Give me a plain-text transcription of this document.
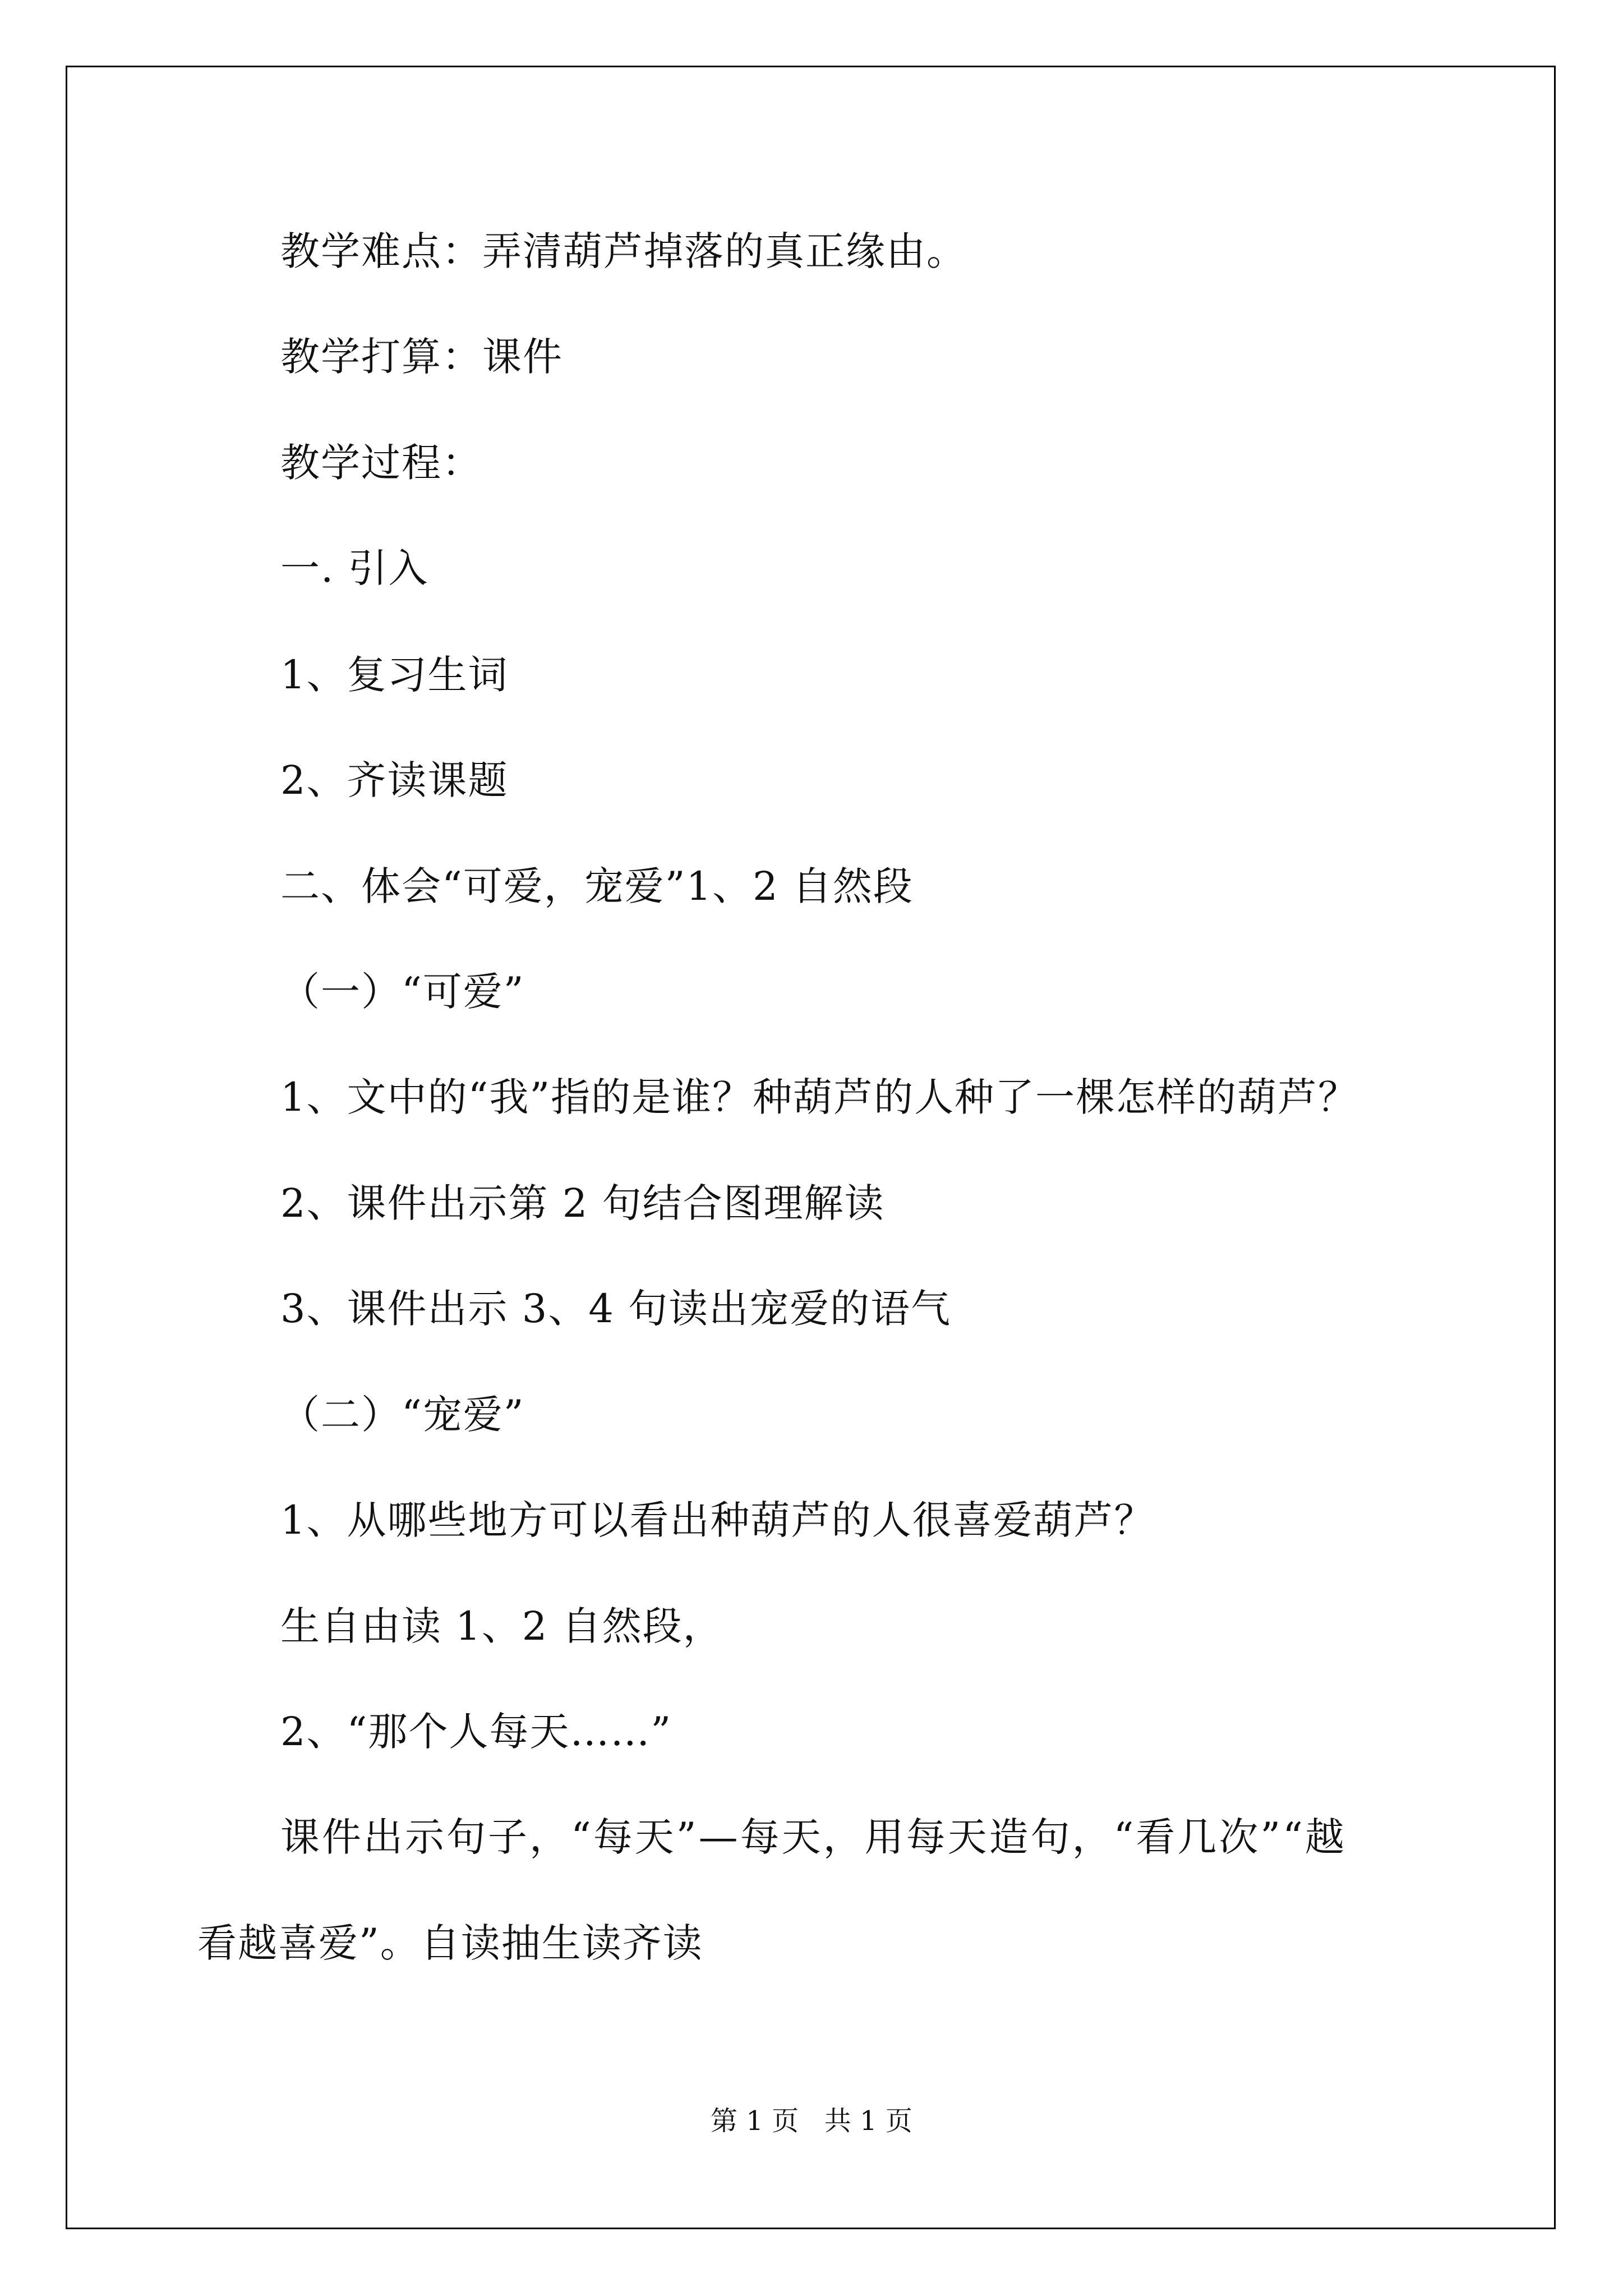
教学难点：弄清葫芦掉落的真正缘由。
教学打算：课件
教学过程：
一. 引入
1、复习生词
2、齐读课题
二、体会“可爱，宠爱”1、2 自然段
（一）“可爱”
1、文中的“我”指的是谁？种葫芦的人种了一棵怎样的葫芦？
2、课件出示第 2 句结合图理解读
3、课件出示 3、4 句读出宠爱的语气
（二）“宠爱”
1、从哪些地方可以看出种葫芦的人很喜爱葫芦？
生自由读 1、2 自然段，
2、“那个人每天……”
课件出示句子，“每天”—每天，用每天造句，“看几次”“越
看越喜爱”。自读抽生读齐读
第 1 页   共 1 页
